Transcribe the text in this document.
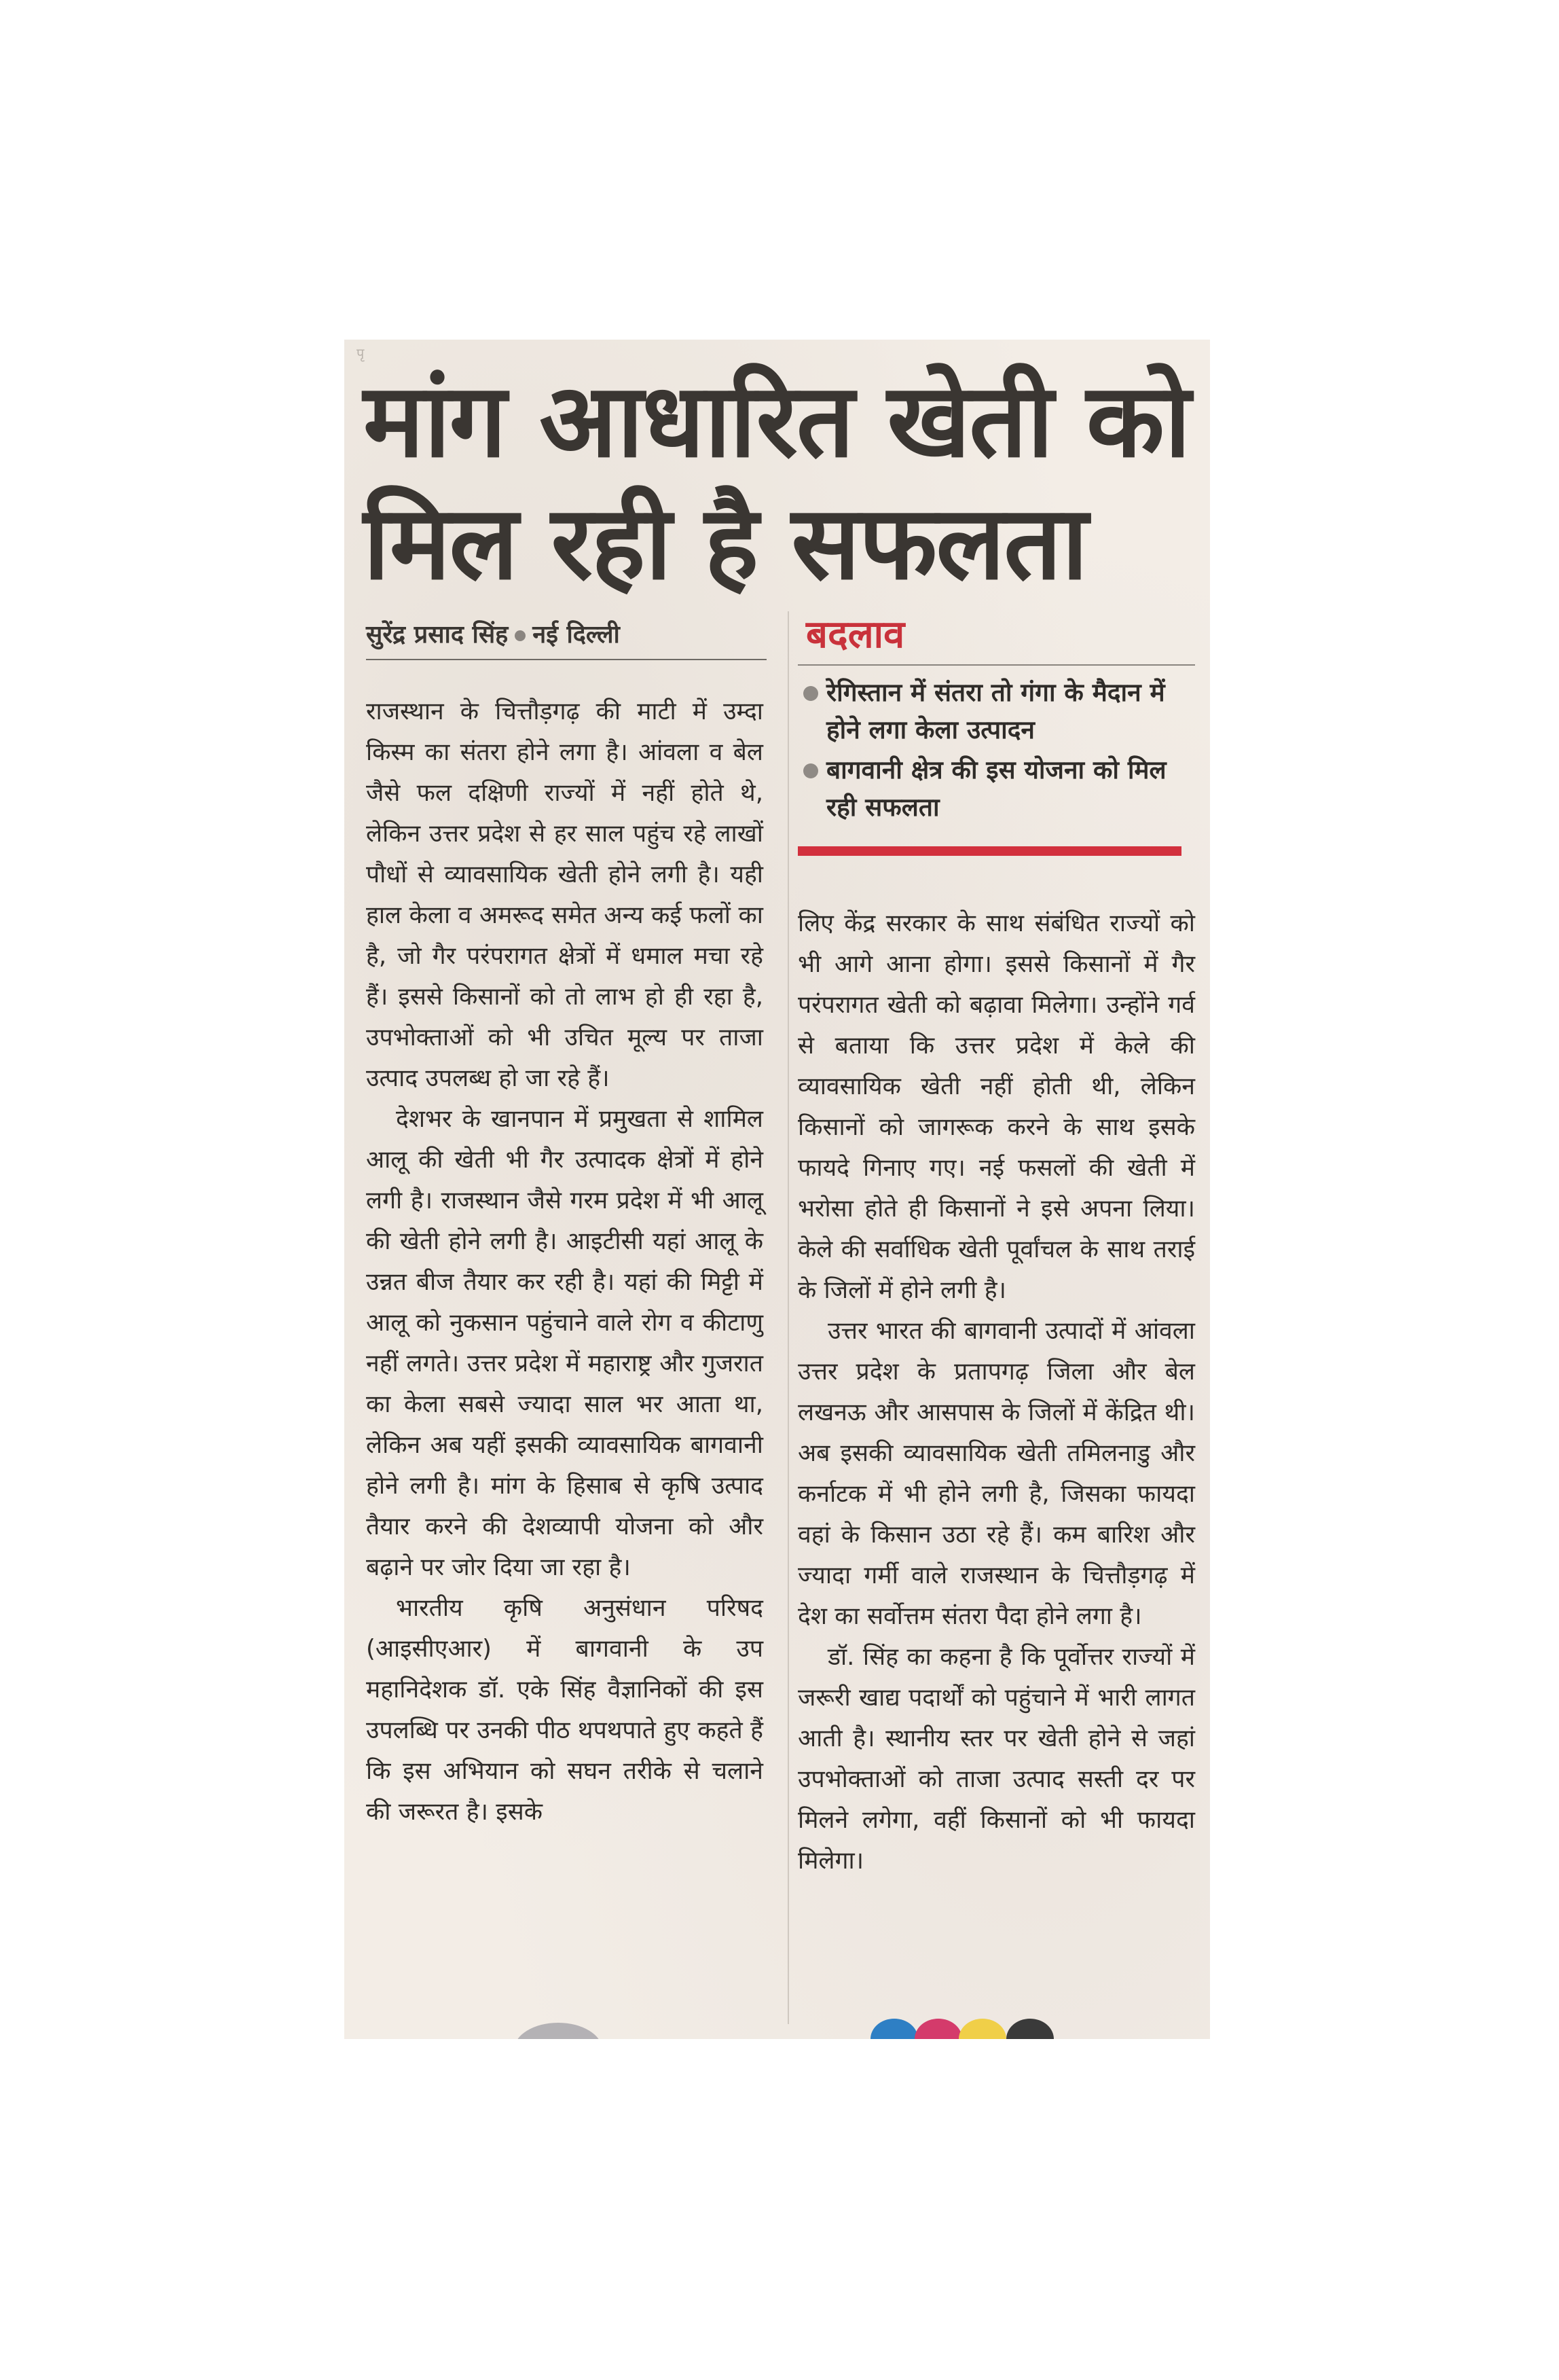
पृ
मांग आधारित खेती को
मिल रही है सफलता
सुरेंद्र प्रसाद सिंह नई दिल्ली

राजस्थान के चित्तौड़गढ़ की माटी में उम्दा किस्म का संतरा होने लगा है। आंवला व बेल जैसे फल दक्षिणी राज्यों में नहीं होते थे, लेकिन उत्तर प्रदेश से हर साल पहुंच रहे लाखों पौधों से व्यावसायिक खेती होने लगी है। यही हाल केला व अमरूद समेत अन्य कई फलों का है, जो गैर परंपरागत क्षेत्रों में धमाल मचा रहे हैं। इससे किसानों को तो लाभ हो ही रहा है, उपभोक्ताओं को भी उचित मूल्य पर ताजा उत्पाद उपलब्ध हो जा रहे हैं।

देशभर के खानपान में प्रमुखता से शामिल आलू की खेती भी गैर उत्पादक क्षेत्रों में होने लगी है। राजस्थान जैसे गरम प्रदेश में भी आलू की खेती होने लगी है। आइटीसी यहां आलू के उन्नत बीज तैयार कर रही है। यहां की मिट्टी में आलू को नुकसान पहुंचाने वाले रोग व कीटाणु नहीं लगते। उत्तर प्रदेश में महाराष्ट्र और गुजरात का केला सबसे ज्यादा साल भर आता था, लेकिन अब यहीं इसकी व्यावसायिक बागवानी होने लगी है। मांग के हिसाब से कृषि उत्पाद तैयार करने की देशव्यापी योजना को और बढ़ाने पर जोर दिया जा रहा है।

भारतीय कृषि अनुसंधान परिषद (आइसीएआर) में बागवानी के उप महानिदेशक डॉ. एके सिंह वैज्ञानिकों की इस उपलब्धि पर उनकी पीठ थपथपाते हुए कहते हैं कि इस अभियान को सघन तरीके से चलाने की जरूरत है। इसके

बदलाव
रेगिस्तान में संतरा तो गंगा के मैदान में होने लगा केला उत्पादन
बागवानी क्षेत्र की इस योजना को मिल रही सफलता

लिए केंद्र सरकार के साथ संबंधित राज्यों को भी आगे आना होगा। इससे किसानों में गैर परंपरागत खेती को बढ़ावा मिलेगा। उन्होंने गर्व से बताया कि उत्तर प्रदेश में केले की व्यावसायिक खेती नहीं होती थी, लेकिन किसानों को जागरूक करने के साथ इसके फायदे गिनाए गए। नई फसलों की खेती में भरोसा होते ही किसानों ने इसे अपना लिया। केले की सर्वाधिक खेती पूर्वांचल के साथ तराई के जिलों में होने लगी है।

उत्तर भारत की बागवानी उत्पादों में आंवला उत्तर प्रदेश के प्रतापगढ़ जिला और बेल लखनऊ और आसपास के जिलों में केंद्रित थी। अब इसकी व्यावसायिक खेती तमिलनाडु और कर्नाटक में भी होने लगी है, जिसका फायदा वहां के किसान उठा रहे हैं। कम बारिश और ज्यादा गर्मी वाले राजस्थान के चित्तौड़गढ़ में देश का सर्वोत्तम संतरा पैदा होने लगा है।

डॉ. सिंह का कहना है कि पूर्वोत्तर राज्यों में जरूरी खाद्य पदार्थों को पहुंचाने में भारी लागत आती है। स्थानीय स्तर पर खेती होने से जहां उपभोक्ताओं को ताजा उत्पाद सस्ती दर पर मिलने लगेगा, वहीं किसानों को भी फायदा मिलेगा।
